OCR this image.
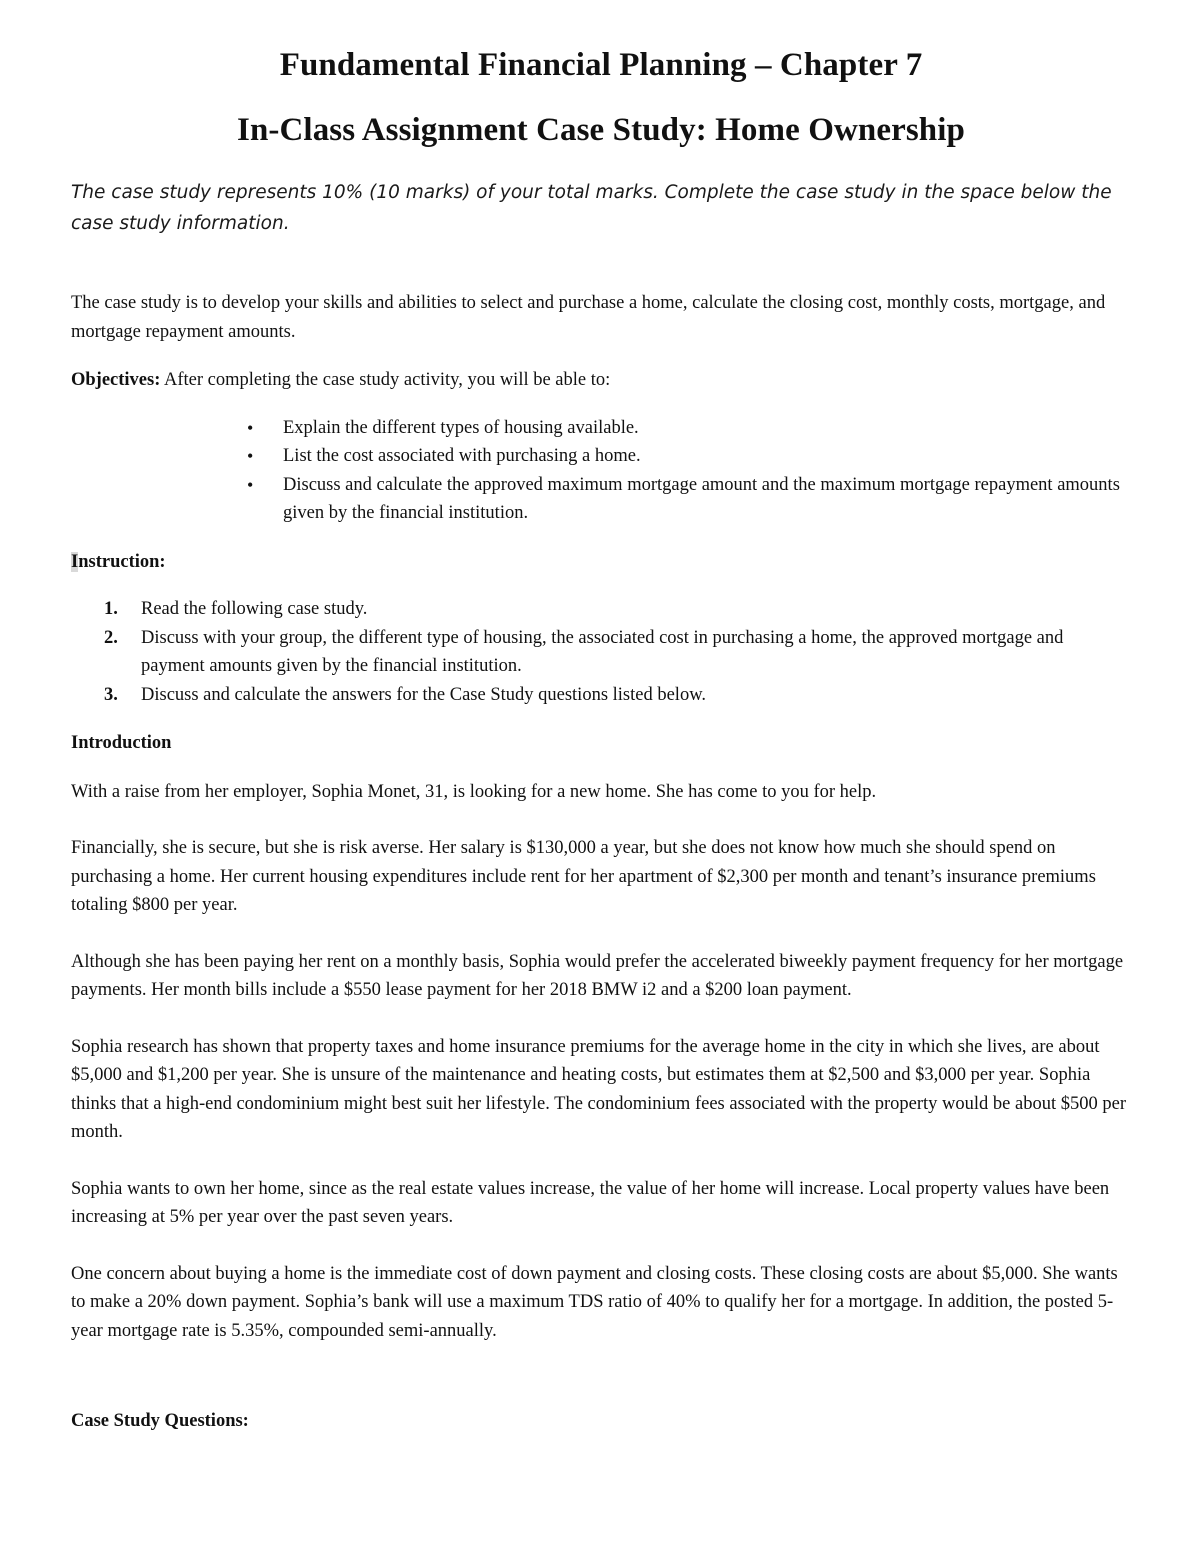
Fundamental Financial Planning – Chapter 7
In-Class Assignment Case Study: Home Ownership

The case study represents 10% (10 marks) of your total marks. Complete the case study in the space below the case study information.

The case study is to develop your skills and abilities to select and purchase a home, calculate the closing cost, monthly costs, mortgage, and mortgage repayment amounts.

Objectives: After completing the case study activity, you will be able to:

• Explain the different types of housing available.
• List the cost associated with purchasing a home.
• Discuss and calculate the approved maximum mortgage amount and the maximum mortgage repayment amounts given by the financial institution.

Instruction:

1. Read the following case study.
2. Discuss with your group, the different type of housing, the associated cost in purchasing a home, the approved mortgage and payment amounts given by the financial institution.
3. Discuss and calculate the answers for the Case Study questions listed below.

Introduction

With a raise from her employer, Sophia Monet, 31, is looking for a new home. She has come to you for help.

Financially, she is secure, but she is risk averse. Her salary is $130,000 a year, but she does not know how much she should spend on purchasing a home. Her current housing expenditures include rent for her apartment of $2,300 per month and tenant’s insurance premiums totaling $800 per year.

Although she has been paying her rent on a monthly basis, Sophia would prefer the accelerated biweekly payment frequency for her mortgage payments. Her month bills include a $550 lease payment for her 2018 BMW i2 and a $200 loan payment.

Sophia research has shown that property taxes and home insurance premiums for the average home in the city in which she lives, are about $5,000 and $1,200 per year. She is unsure of the maintenance and heating costs, but estimates them at $2,500 and $3,000 per year. Sophia thinks that a high-end condominium might best suit her lifestyle. The condominium fees associated with the property would be about $500 per month.

Sophia wants to own her home, since as the real estate values increase, the value of her home will increase. Local property values have been increasing at 5% per year over the past seven years.

One concern about buying a home is the immediate cost of down payment and closing costs. These closing costs are about $5,000. She wants to make a 20% down payment. Sophia’s bank will use a maximum TDS ratio of 40% to qualify her for a mortgage. In addition, the posted 5-year mortgage rate is 5.35%, compounded semi-annually.

Case Study Questions:
